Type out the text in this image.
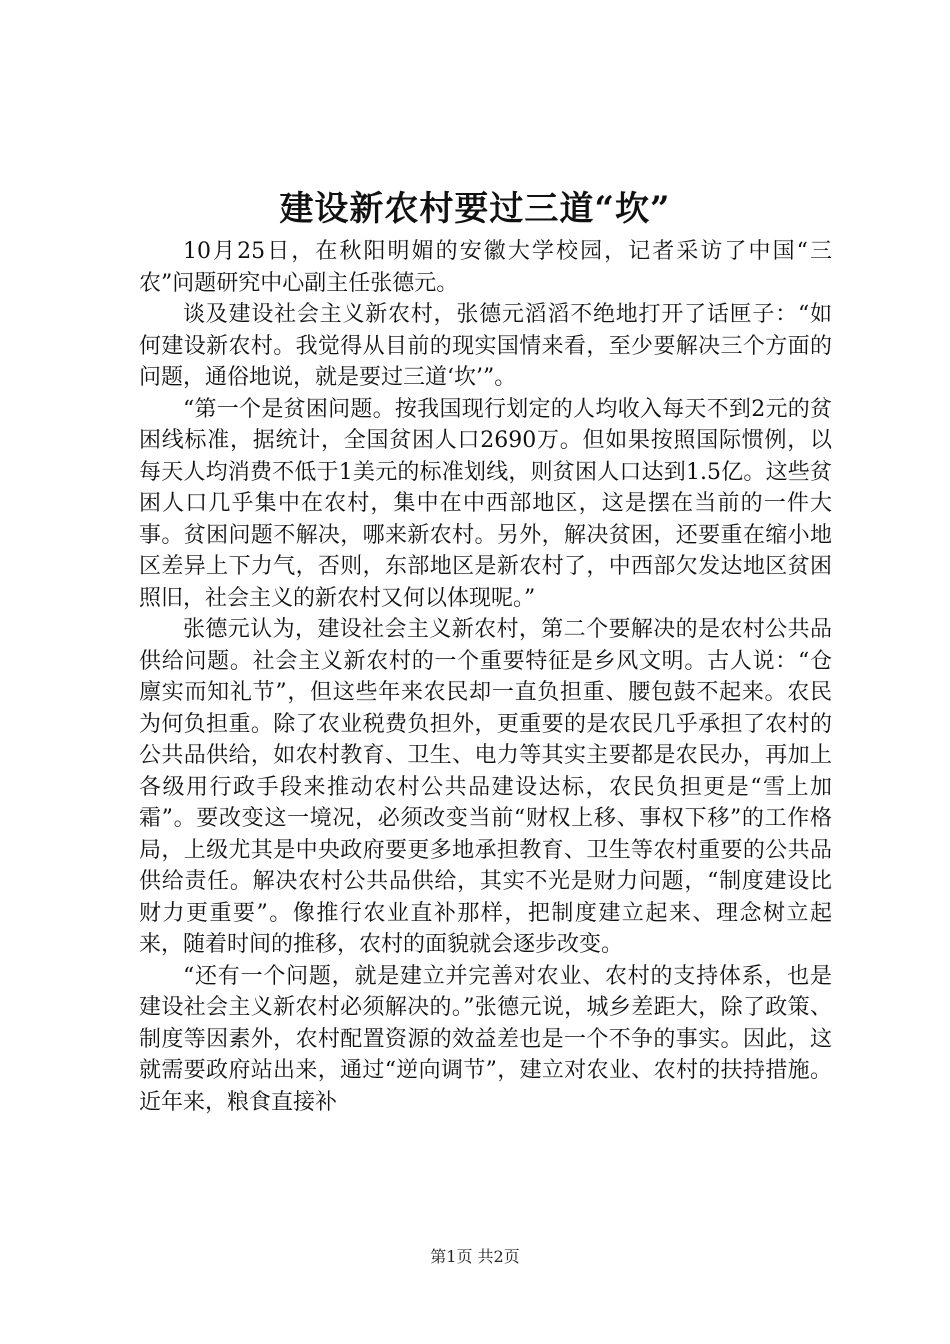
建设新农村要过三道“坎”

10月25日，在秋阳明媚的安徽大学校园，记者采访了中国“三农”问题研究中心副主任张德元。

谈及建设社会主义新农村，张德元滔滔不绝地打开了话匣子：“如何建设新农村。我觉得从目前的现实国情来看，至少要解决三个方面的问题，通俗地说，就是要过三道‘坎’”。

“第一个是贫困问题。按我国现行划定的人均收入每天不到2元的贫困线标准，据统计，全国贫困人口2690万。但如果按照国际惯例，以每天人均消费不低于1美元的标准划线，则贫困人口达到1.5亿。这些贫困人口几乎集中在农村，集中在中西部地区，这是摆在当前的一件大事。贫困问题不解决，哪来新农村。另外，解决贫困，还要重在缩小地区差异上下力气，否则，东部地区是新农村了，中西部欠发达地区贫困照旧，社会主义的新农村又何以体现呢。”

张德元认为，建设社会主义新农村，第二个要解决的是农村公共品供给问题。社会主义新农村的一个重要特征是乡风文明。古人说：“仓廪实而知礼节”，但这些年来农民却一直负担重、腰包鼓不起来。农民为何负担重。除了农业税费负担外，更重要的是农民几乎承担了农村的公共品供给，如农村教育、卫生、电力等其实主要都是农民办，再加上各级用行政手段来推动农村公共品建设达标，农民负担更是“雪上加霜”。要改变这一境况，必须改变当前“财权上移、事权下移”的工作格局，上级尤其是中央政府要更多地承担教育、卫生等农村重要的公共品供给责任。解决农村公共品供给，其实不光是财力问题，“制度建设比财力更重要”。像推行农业直补那样，把制度建立起来、理念树立起来，随着时间的推移，农村的面貌就会逐步改变。

“还有一个问题，就是建立并完善对农业、农村的支持体系，也是建设社会主义新农村必须解决的。”张德元说，城乡差距大，除了政策、制度等因素外，农村配置资源的效益差也是一个不争的事实。因此，这就需要政府站出来，通过“逆向调节”，建立对农业、农村的扶持措施。近年来，粮食直接补

第1页 共2页
